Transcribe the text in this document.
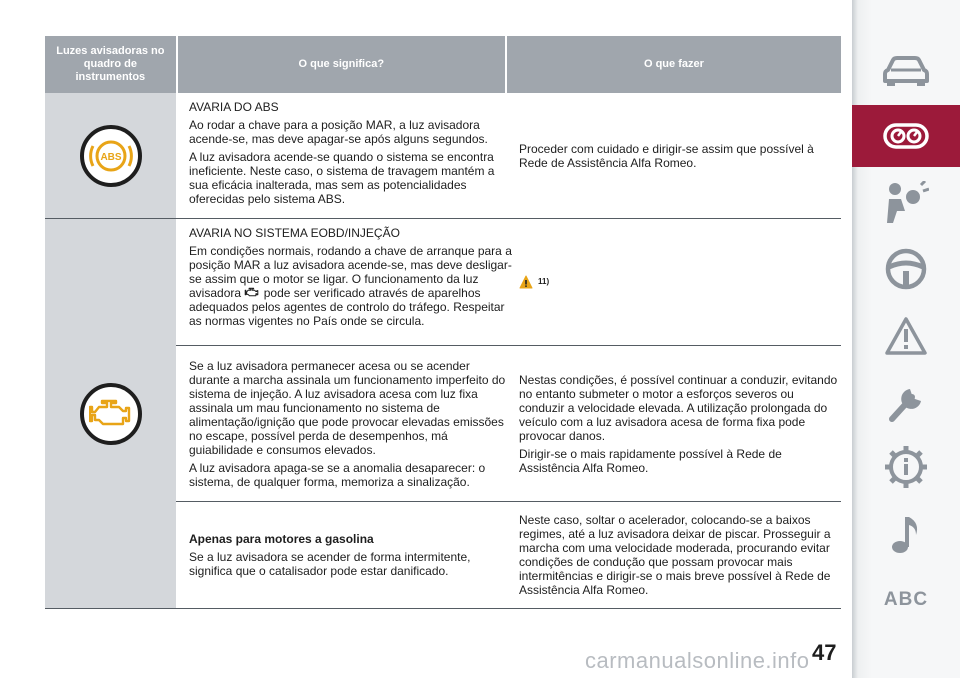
Luzes avisadoras no quadro de instrumentos
O que significa?	O que fazer
ABS

AVARIA DO ABS

Ao rodar a chave para a posição MAR, a luz avisadora acende-se, mas deve apagar-se após alguns segundos.

A luz avisadora acende-se quando o sistema se encontra ineficiente. Neste caso, o sistema de travagem mantém a sua eficácia inalterada, mas sem as potencialidades oferecidas pelo sistema ABS.

Proceder com cuidado e dirigir-se assim que possível à Rede de Assistência Alfa Romeo.

AVARIA NO SISTEMA EOBD/INJEÇÃO

Em condições normais, rodando a chave de arranque para a posição MAR a luz avisadora acende-se, mas deve desligar-se assim que o motor se ligar. O funcionamento da luz avisadora pode ser verificado através de aparelhos adequados pelos agentes de controlo do tráfego. Respeitar as normas vigentes no País onde se circula.

11)

Se a luz avisadora permanecer acesa ou se acender durante a marcha assinala um funcionamento imperfeito do sistema de injeção. A luz avisadora acesa com luz fixa assinala um mau funcionamento no sistema de alimentação/ignição que pode provocar elevadas emissões no escape, possível perda de desempenhos, má guiabilidade e consumos elevados.

A luz avisadora apaga-se se a anomalia desaparecer: o sistema, de qualquer forma, memoriza a sinalização.

Nestas condições, é possível continuar a conduzir, evitando no entanto submeter o motor a esforços severos ou conduzir a velocidade elevada. A utilização prolongada do veículo com a luz avisadora acesa de forma fixa pode provocar danos.

Dirigir-se o mais rapidamente possível à Rede de Assistência Alfa Romeo.

Apenas para motores a gasolina

Se a luz avisadora se acender de forma intermitente, significa que o catalisador pode estar danificado.

Neste caso, soltar o acelerador, colocando-se a baixos regimes, até a luz avisadora deixar de piscar. Prosseguir a marcha com uma velocidade moderada, procurando evitar condições de condução que possam provocar mais intermitências e dirigir-se o mais breve possível à Rede de Assistência Alfa Romeo.	ABC
47
carmanualsonline.info
